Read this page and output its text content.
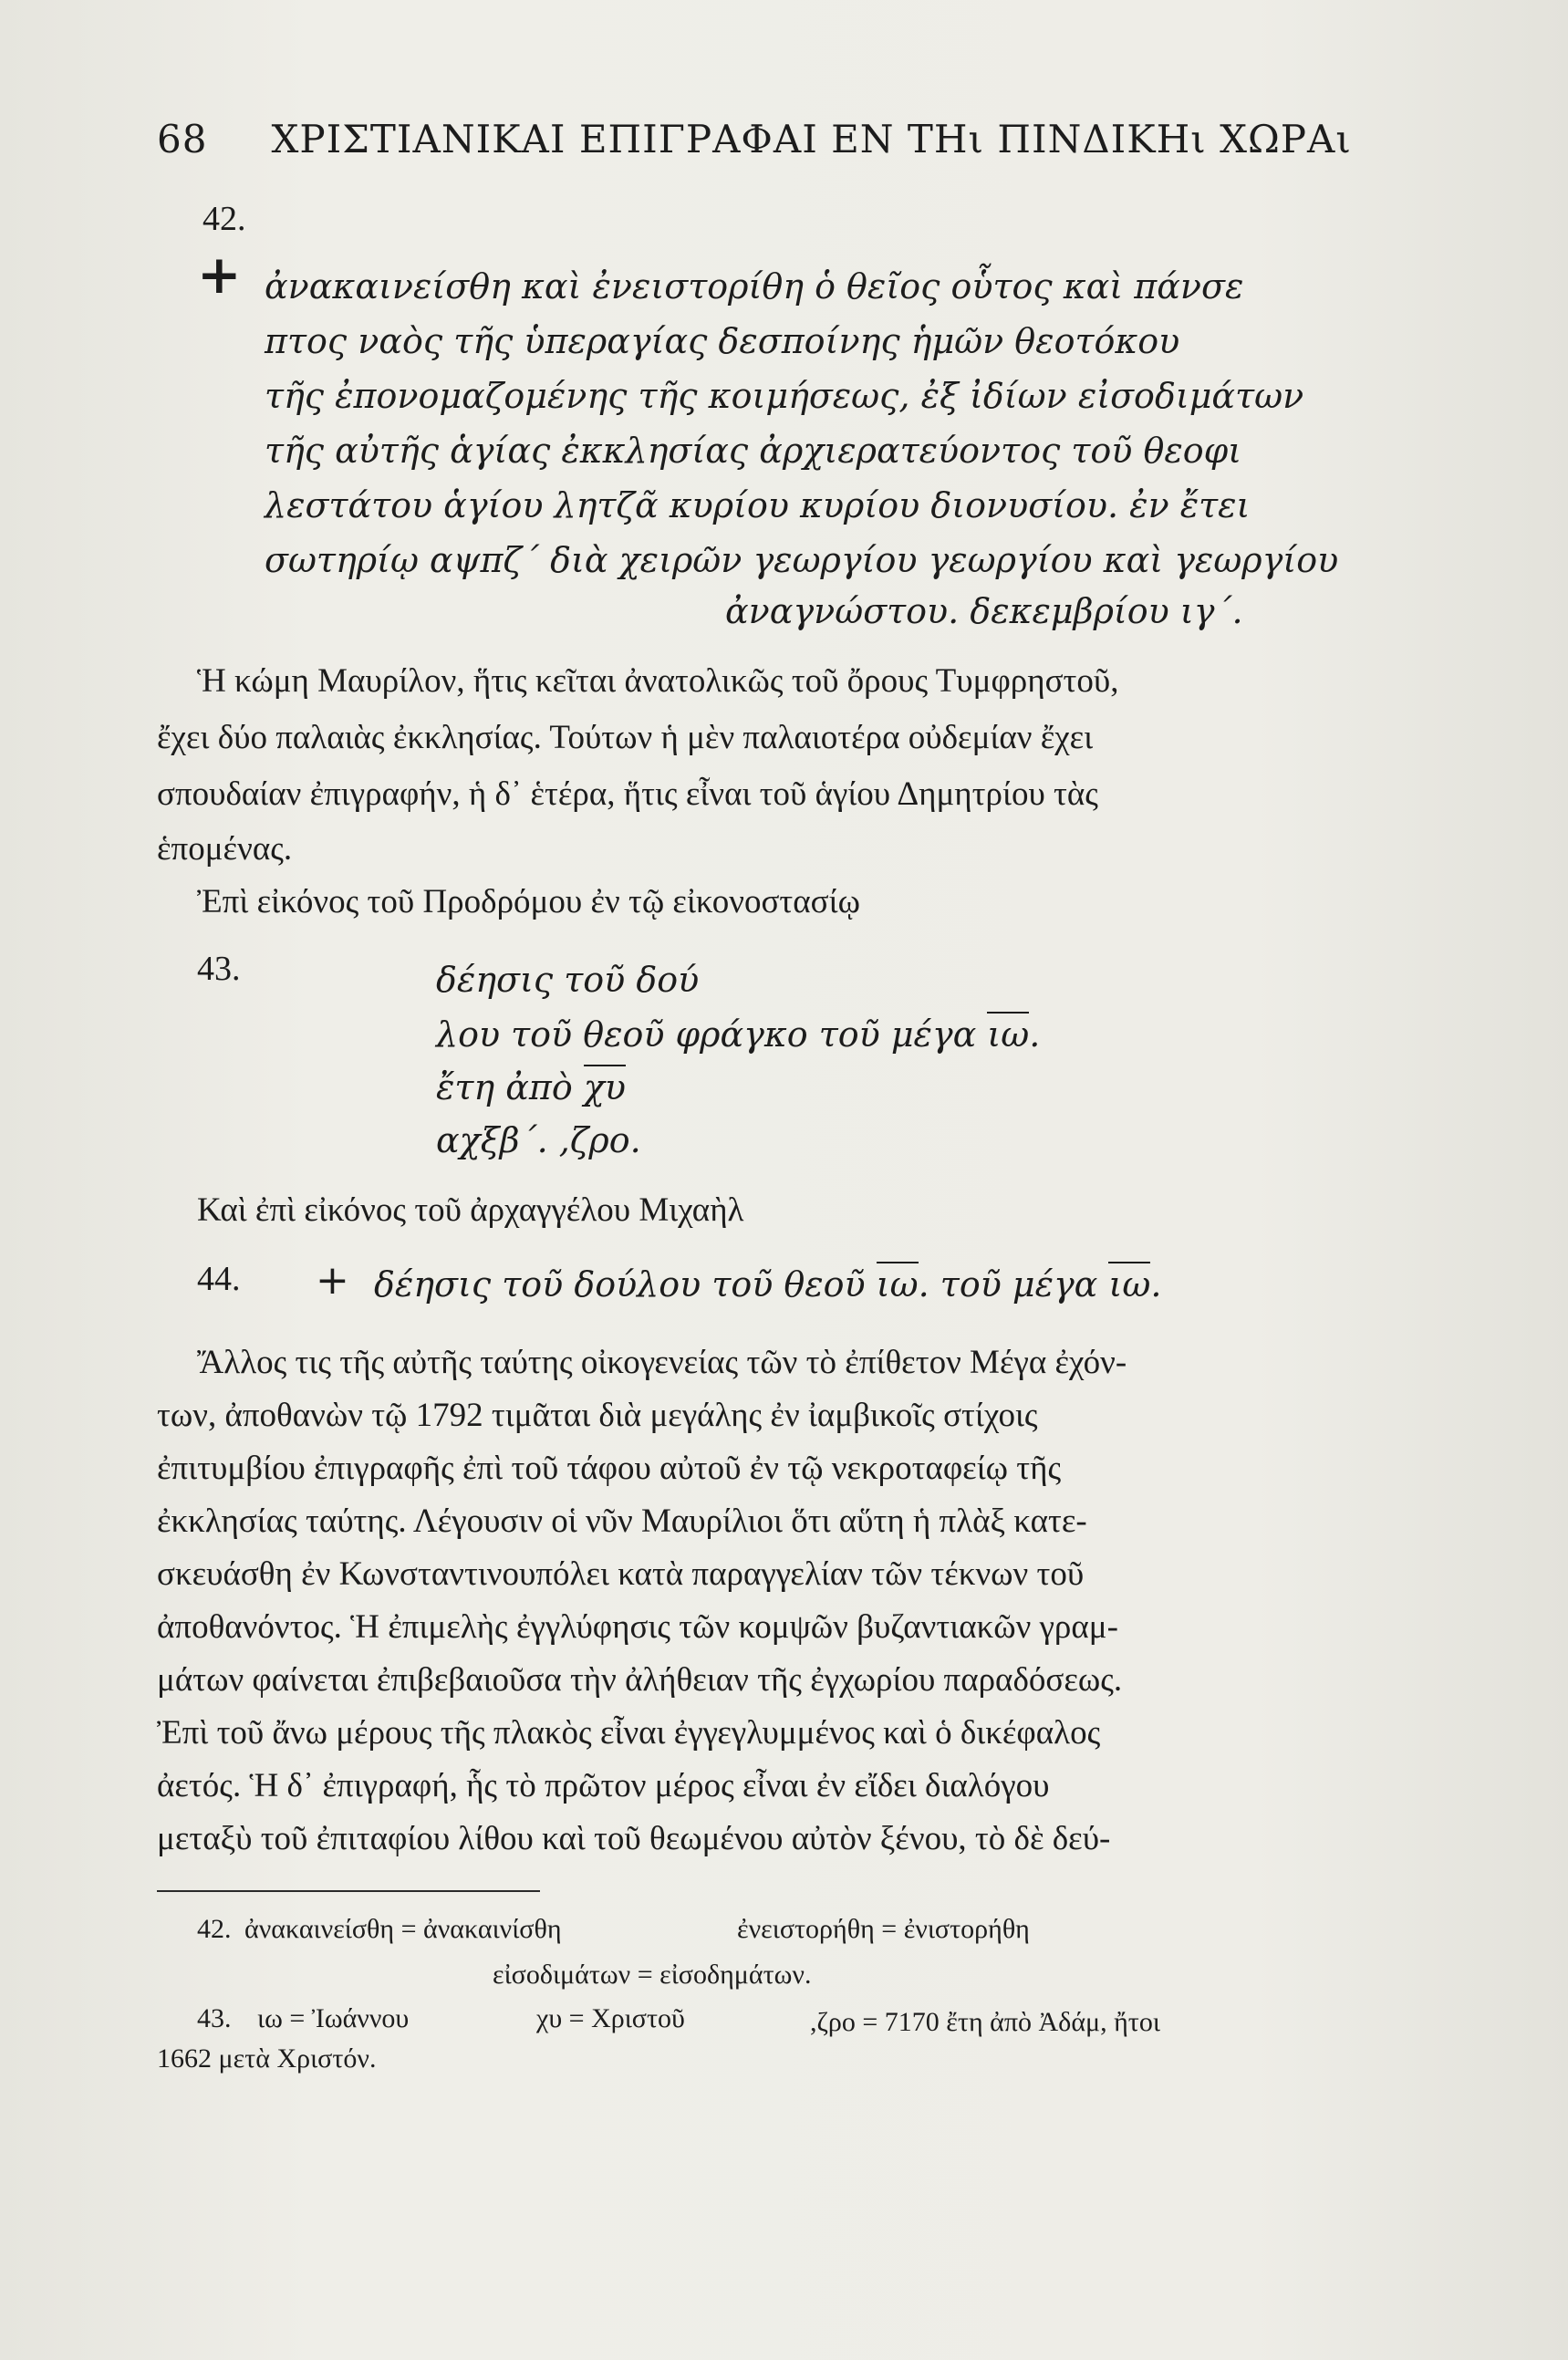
68 ΧΡΙΣΤΙΑΝΙΚΑΙ ΕΠΙΓΡΑΦΑΙ ΕΝ ΤΗι ΠΙΝΔΙΚΗι ΧΩΡΑι
42.
+ ἀνακαινείσθη καὶ ἐνειστορίθη ὁ θεῖος οὗτος καὶ πάνσε
πτος ναὸς τῆς ὑπεραγίας δεσποίνης ἡμῶν θεοτόκου
τῆς ἐπονομαζομένης τῆς κοιμήσεως, ἐξ ἰδίων εἰσοδιμάτων
τῆς αὐτῆς ἁγίας ἐκκλησίας ἀρχιερατεύοντος τοῦ θεοφι
λεστάτου ἁγίου λητζᾶ κυρίου κυρίου διονυσίου. ἐν ἔτει
σωτηρίῳ αψπζ΄ διὰ χειρῶν γεωργίου γεωργίου καὶ γεωργίου
ἀναγνώστου. δεκεμβρίου ιγ΄.
Ἡ κώμη Μαυρίλον, ἥτις κεῖται ἀνατολικῶς τοῦ ὄρους Τυμφρηστοῦ,
ἔχει δύο παλαιὰς ἐκκλησίας. Τούτων ἡ μὲν παλαιοτέρα οὐδεμίαν ἔχει
σπουδαίαν ἐπιγραφήν, ἡ δ᾽ ἑτέρα, ἥτις εἶναι τοῦ ἁγίου Δημητρίου τὰς
ἑπομένας.
Ἐπὶ εἰκόνος τοῦ Προδρόμου ἐν τῷ εἰκονοστασίῳ
43.	δέησις τοῦ δού
λου τοῦ θεοῦ φράγκο τοῦ μέγα ιω.
ἔτη ἀπὸ χυ
αχξβ΄. ,ζρο.
Καὶ ἐπὶ εἰκόνος τοῦ ἀρχαγγέλου Μιχαὴλ
44. + δέησις τοῦ δούλου τοῦ θεοῦ ιω. τοῦ μέγα ιω.
Ἄλλος τις τῆς αὐτῆς ταύτης οἰκογενείας τῶν τὸ ἐπίθετον Μέγα ἐχόν-
των, ἀποθανὼν τῷ 1792 τιμᾶται διὰ μεγάλης ἐν ἰαμβικοῖς στίχοις
ἐπιτυμβίου ἐπιγραφῆς ἐπὶ τοῦ τάφου αὐτοῦ ἐν τῷ νεκροταφείῳ τῆς
ἐκκλησίας ταύτης. Λέγουσιν οἱ νῦν Μαυρίλιοι ὅτι αὕτη ἡ πλὰξ κατε-
σκευάσθη ἐν Κωνσταντινουπόλει κατὰ παραγγελίαν τῶν τέκνων τοῦ
ἀποθανόντος. Ἡ ἐπιμελὴς ἐγγλύφησις τῶν κομψῶν βυζαντιακῶν γραμ-
μάτων φαίνεται ἐπιβεβαιοῦσα τὴν ἀλήθειαν τῆς ἐγχωρίου παραδόσεως.
Ἐπὶ τοῦ ἄνω μέρους τῆς πλακὸς εἶναι ἐγγεγλυμμένος καὶ ὁ δικέφαλος
ἀετός. Ἡ δ᾽ ἐπιγραφή, ἧς τὸ πρῶτον μέρος εἶναι ἐν εἴδει διαλόγου
μεταξὺ τοῦ ἐπιταφίου λίθου καὶ τοῦ θεωμένου αὐτὸν ξένου, τὸ δὲ δεύ-
42. ἀνακαινείσθη = ἀνακαινίσθη	ἐνειστορήθη = ἐνιστορήθη
εἰσοδιμάτων = εἰσοδημάτων.
43. ιω = Ἰωάννου	χυ = Χριστοῦ	,ζρο = 7170 ἔτη ἀπὸ Ἀδάμ, ἤτοι
1662 μετὰ Χριστόν.
